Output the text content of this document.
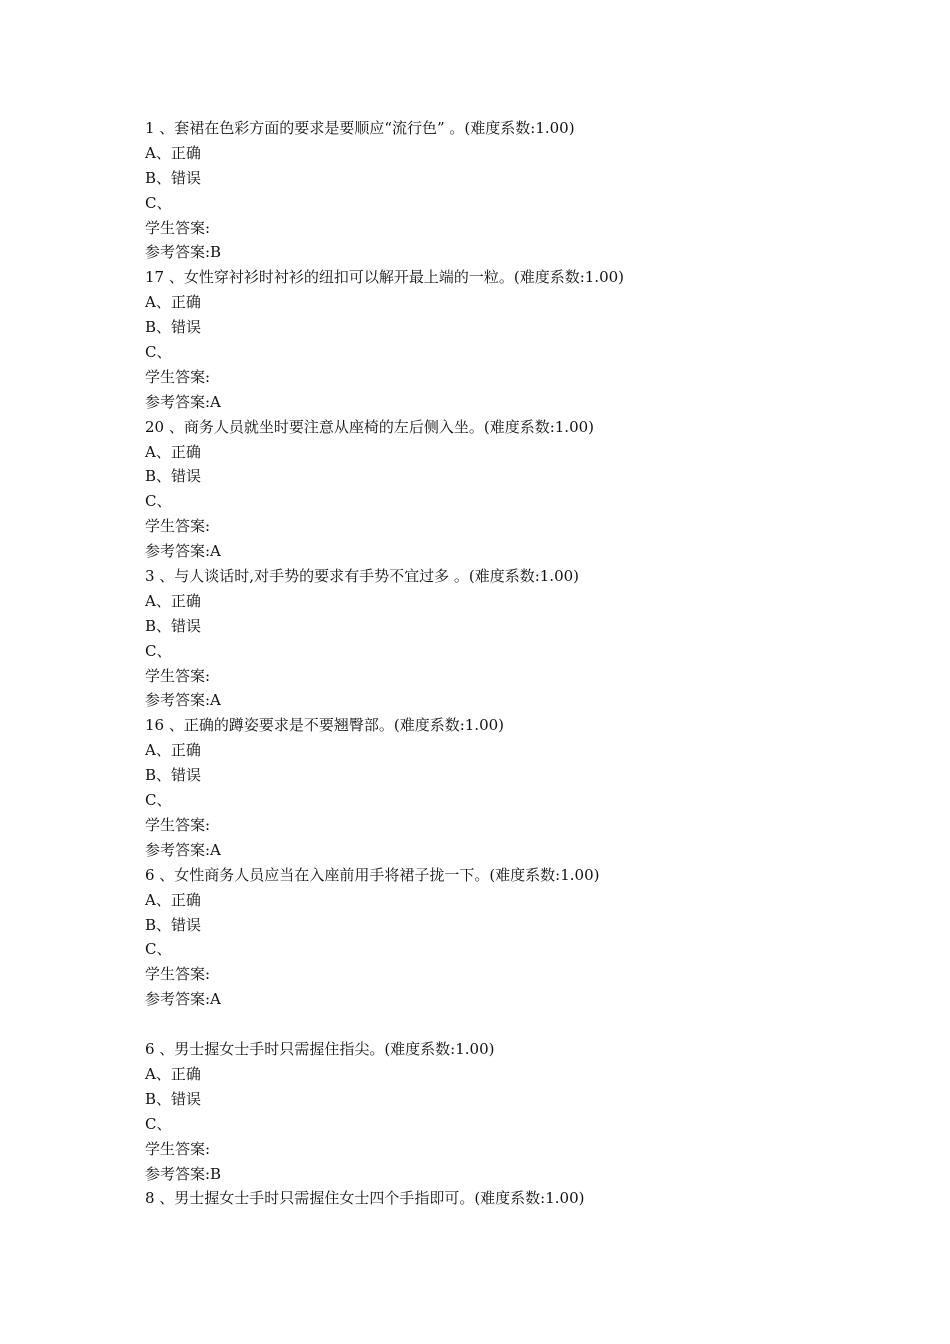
1 、套裙在色彩方面的要求是要顺应“流行色” 。(难度系数:1.00)
A、正确
B、错误
C、
学生答案:
参考答案:B
17 、女性穿衬衫时衬衫的纽扣可以解开最上端的一粒。(难度系数:1.00)
A、正确
B、错误
C、
学生答案:
参考答案:A
20 、商务人员就坐时要注意从座椅的左后侧入坐。(难度系数:1.00)
A、正确
B、错误
C、
学生答案:
参考答案:A
3 、与人谈话时,对手势的要求有手势不宜过多 。(难度系数:1.00)
A、正确
B、错误
C、
学生答案:
参考答案:A
16 、正确的蹲姿要求是不要翘臀部。(难度系数:1.00)
A、正确
B、错误
C、
学生答案:
参考答案:A
6 、女性商务人员应当在入座前用手将裙子拢一下。(难度系数:1.00)
A、正确
B、错误
C、
学生答案:
参考答案:A
6 、男士握女士手时只需握住指尖。(难度系数:1.00)
A、正确
B、错误
C、
学生答案:
参考答案:B
8 、男士握女士手时只需握住女士四个手指即可。(难度系数:1.00)
